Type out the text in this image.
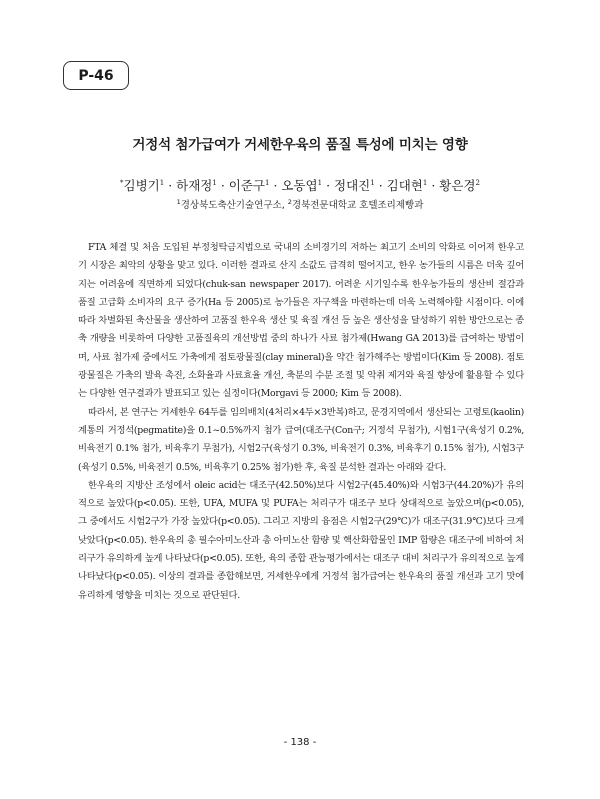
P-46
거정석 첨가급여가 거세한우육의 품질 특성에 미치는 영향
*김병기$^1$ · 하재정$^1$ · 이준구$^1$ · 오동엽$^1$ · 정대진$^1$ · 김대현$^1$ · 황은경$^2$
$^1$경상북도축산기술연구소, $^2$경북전문대학교 호텔조리제빵과

FTA 체결 및 처음 도입된 부정청탁금지법으로 국내의 소비경기의 저하는 최고기 소비의 악화로 이어져 한우고기 시장은 최악의 상황을 맞고 있다. 이러한 결과로 산지 소값도 급격히 떨어지고, 한우 농가들의 시름은 더욱 깊어지는 어려움에 직면하게 되었다(chuk-san newspaper 2017). 어려운 시기일수록 한우농가들의 생산비 절감과 품질 고급화 소비자의 요구 증가(Ha 등 2005)로 농가들은 자구책을 마련하는데 더욱 노력해야할 시점이다. 이에 따라 차별화된 축산물을 생산하여 고품질 한우육 생산 및 육질 개선 등 높은 생산성을 달성하기 위한 방안으로는 종축 개량을 비롯하여 다양한 고품질육의 개선방법 중의 하나가 사료 첨가제(Hwang GA 2013)를 급여하는 방법이며, 사료 첨가제 중에서도 가축에게 점토광물질(clay mineral)을 약간 첨가해주는 방법이다(Kim 등 2008). 점토광물질은 가축의 발육 촉진, 소화율과 사료효율 개선, 축분의 수분 조절 및 악취 제거와 육질 향상에 활용할 수 있다는 다양한 연구결과가 발표되고 있는 실정이다(Morgavi 등 2000; Kim 등 2008).

따라서, 본 연구는 거세한우 64두를 임의배치(4처리×4두×3반복)하고, 문경지역에서 생산되는 고령토(kaolin) 계통의 거정석(pegmatite)을 0.1~0.5%까지 첨가 급여(대조구(Con구; 거정석 무첨가), 시험1구(육성기 0.2%, 비육전기 0.1% 첨가, 비육후기 무첨가), 시험2구(육성기 0.3%, 비육전기 0.3%, 비육후기 0.15% 첨가), 시험3구(육성기 0.5%, 비육전기 0.5%, 비육후기 0.25% 첨가)한 후, 육질 분석한 결과는 아래와 같다.

한우육의 지방산 조성에서 oleic acid는 대조구(42.50%)보다 시험2구(45.40%)와 시험3구(44.20%)가 유의적으로 높았다(p<0.05). 또한, UFA, MUFA 및 PUFA는 처리구가 대조구 보다 상대적으로 높았으며(p<0.05), 그 중에서도 시험2구가 가장 높았다(p<0.05). 그리고 지방의 융점은 시험2구(29℃)가 대조구(31.9℃)보다 크게 낮았다(p<0.05). 한우육의 총 필수아미노산과 총 아미노산 함량 및 핵산화합물인 IMP 함량은 대조구에 비하여 처리구가 유의하게 높게 나타났다(p<0.05). 또한, 육의 종합 관능평가에서는 대조구 대비 처리구가 유의적으로 높게 나타났다(p<0.05). 이상의 결과를 종합해보면, 거세한우에게 거정석 첨가급여는 한우육의 품질 개선과 고기 맛에 유리하게 영향을 미치는 것으로 판단된다.

- 138 -
